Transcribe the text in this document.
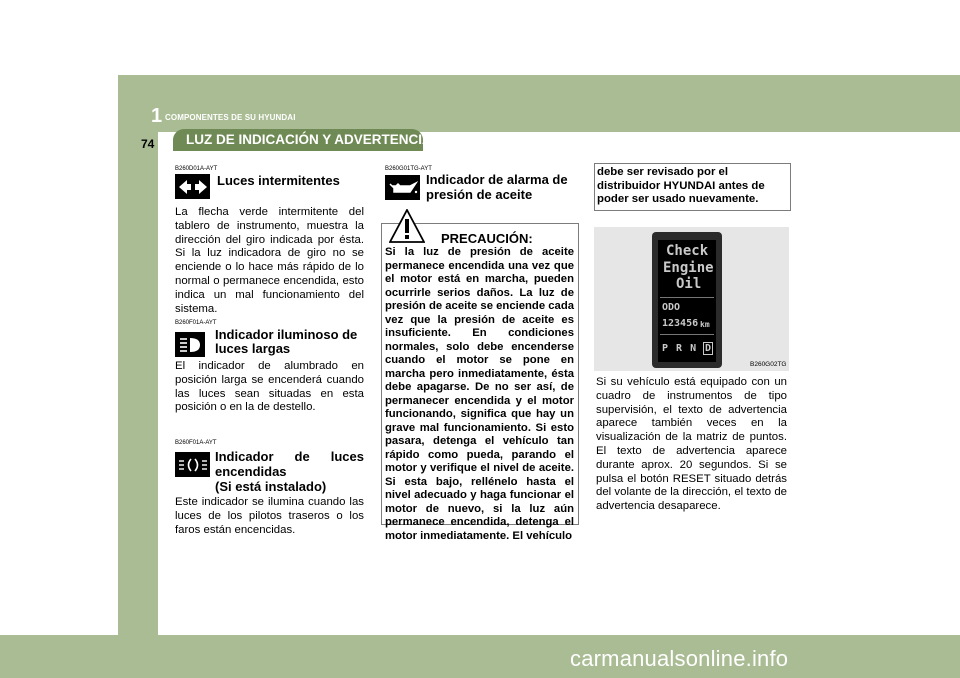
1 COMPONENTES DE SU HYUNDAI
74 LUZ DE INDICACIÓN Y ADVERTENCIA
B260D01A-AYT
Luces intermitentes
La flecha verde intermitente del tablero de instrumento, muestra la dirección del giro indicada por ésta. Si la luz indicadora de giro no se enciende o lo hace más rápido de lo normal o permanece encendida, esto indica un mal funcionamiento del sistema.
B260F01A-AYT
Indicador iluminoso de
luces largas
El indicador de alumbrado en posición larga se encenderá cuando las luces sean situadas en esta posición o en la de destello.
B260F01A-AYT
Indicador de luces
encendidas
(Si está instalado)
Este indicador se ilumina cuando las luces de los pilotos traseros o los faros están encencidas.
B260G01TG-AYT
Indicador de alarma de
presión de aceite
PRECAUCIÓN:
Si la luz de presión de aceite permanece encendida una vez que el motor está en marcha, pueden ocurrirle serios daños. La luz de presión de aceite se enciende cada vez que la presión de aceite es insuficiente. En condiciones normales, solo debe encenderse cuando el motor se pone en marcha pero inmediatamente, ésta debe apagarse. De no ser así, de permanecer encendida y el motor funcionando, significa que hay un grave mal funcionamiento. Si esto pasara, detenga el vehículo tan rápido como pueda, parando el motor y verifique el nivel de aceite. Si esta bajo, rellénelo hasta el nivel adecuado y haga funcionar el motor de nuevo, si la luz aún permanece encendida, detenga el motor inmediatamente. El vehículo
debe ser revisado por el distribuidor HYUNDAI antes de poder ser usado nuevamente.
Check
Engine
Oil
ODO
123456 km
P R N D
B260G02TG
Si su vehículo está equipado con un cuadro de instrumentos de tipo supervisión, el texto de advertencia aparece también veces en la visualización de la matriz de puntos. El texto de advertencia aparece durante aprox. 20 segundos. Si se pulsa el botón RESET situado detrás del volante de la dirección, el texto de advertencia desaparece.
carmanualsonline.info
